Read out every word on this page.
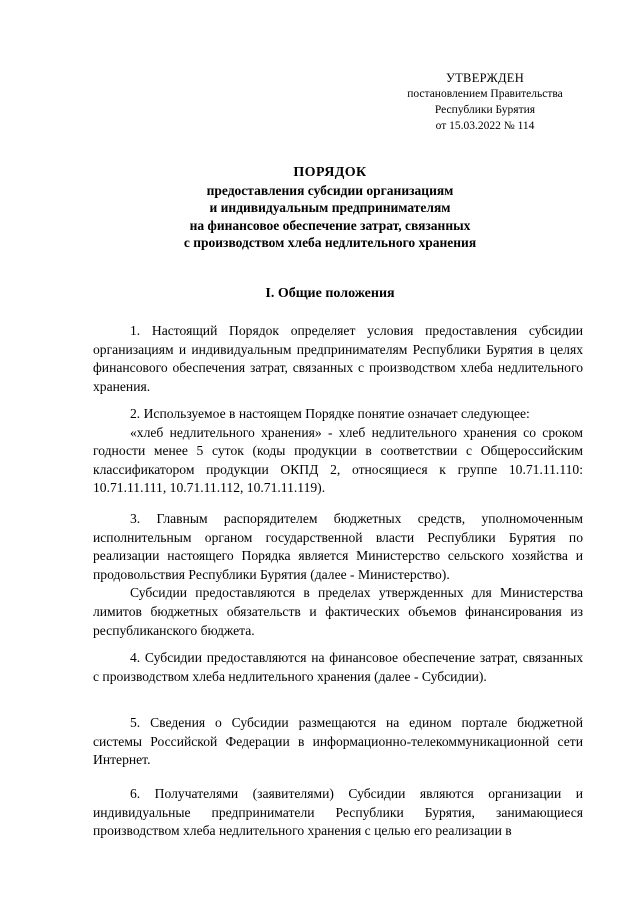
УТВЕРЖДЕН
постановлением Правительства
Республики Бурятия
от 15.03.2022 № 114
ПОРЯДОК
предоставления субсидии организациям
и индивидуальным предпринимателям
на финансовое обеспечение затрат, связанных
с производством хлеба недлительного хранения
I. Общие положения

1. Настоящий Порядок определяет условия предоставления субсидии организациям и индивидуальным предпринимателям Республики Бурятия в целях финансового обеспечения затрат, связанных с производством хлеба недлительного хранения.

2. Используемое в настоящем Порядке понятие означает следующее:

«хлеб недлительного хранения» - хлеб недлительного хранения со сроком годности менее 5 суток (коды продукции в соответствии с Общероссийским классификатором продукции ОКПД 2, относящиеся к группе 10.71.11.110: 10.71.11.111, 10.71.11.112, 10.71.11.119).

3. Главным распорядителем бюджетных средств, уполномоченным исполнительным органом государственной власти Республики Бурятия по реализации настоящего Порядка является Министерство сельского хозяйства и продовольствия Республики Бурятия (далее - Министерство).

Субсидии предоставляются в пределах утвержденных для Министерства лимитов бюджетных обязательств и фактических объемов финансирования из республиканского бюджета.

4. Субсидии предоставляются на финансовое обеспечение затрат, связанных с производством хлеба недлительного хранения (далее - Субсидии).

5. Сведения о Субсидии размещаются на едином портале бюджетной системы Российской Федерации в информационно-телекоммуникационной сети Интернет.

6. Получателями (заявителями) Субсидии являются организации и индивидуальные предприниматели Республики Бурятия, занимающиеся производством хлеба недлительного хранения с целью его реализации в
